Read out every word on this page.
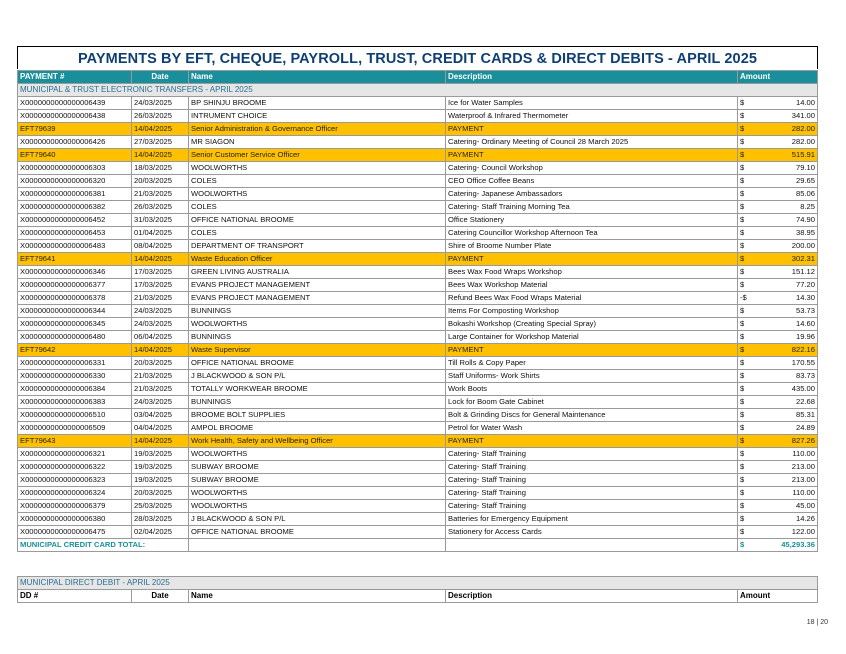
PAYMENTS BY EFT, CHEQUE, PAYROLL, TRUST, CREDIT CARDS & DIRECT DEBITS - APRIL 2025
PAYMENT #	Date	Name	Description	Amount
MUNICIPAL & TRUST ELECTRONIC TRANSFERS - APRIL 2025				
X0000000000000006439	24/03/2025	BP SHINJU BROOME	Ice for Water Samples	$ 14.00

X0000000000000006438	26/03/2025	INTRUMENT CHOICE	Waterproof & Infrared Thermometer	$ 341.00

EFT79639	14/04/2025	Senior Administration & Governance Officer	PAYMENT	$ 282.00

X0000000000000006426	27/03/2025	MR SIAGON	Catering- Ordinary Meeting of Council 28 March 2025	$ 282.00

EFT79640	14/04/2025	Senior Customer Service Officer	PAYMENT	$ 515.91

X0000000000000006303	18/03/2025	WOOLWORTHS	Catering- Council Workshop	$ 79.10

X0000000000000006320	20/03/2025	COLES	CEO Office Coffee Beans	$ 29.65

X0000000000000006381	21/03/2025	WOOLWORTHS	Catering- Japanese Ambassadors	$ 85.06

X0000000000000006382	26/03/2025	COLES	Catering- Staff Training Morning Tea	$ 8.25

X0000000000000006452	31/03/2025	OFFICE NATIONAL BROOME	Office Stationery	$ 74.90

X0000000000000006453	01/04/2025	COLES	Catering Councillor Workshop Afternoon Tea	$ 38.95

X0000000000000006483	08/04/2025	DEPARTMENT OF TRANSPORT	Shire of Broome Number Plate	$ 200.00

EFT79641	14/04/2025	Waste Education Officer	PAYMENT	$ 302.31

X0000000000000006346	17/03/2025	GREEN LIVING AUSTRALIA	Bees Wax Food Wraps Workshop	$ 151.12

X0000000000000006377	17/03/2025	EVANS PROJECT MANAGEMENT	Bees Wax Workshop Material	$ 77.20

X0000000000000006378	21/03/2025	EVANS PROJECT MANAGEMENT	Refund Bees Wax Food Wraps Material	-$ 14.30

X0000000000000006344	24/03/2025	BUNNINGS	Items For Composting Workshop	$ 53.73

X0000000000000006345	24/03/2025	WOOLWORTHS	Bokashi Workshop (Creating Special Spray)	$ 14.60

X0000000000000006480	06/04/2025	BUNNINGS	Large Container for Workshop Material	$ 19.96

EFT79642	14/04/2025	Waste Supervisor	PAYMENT	$ 822.16

X0000000000000006331	20/03/2025	OFFICE NATIONAL BROOME	Till Rolls & Copy Paper	$ 170.55

X0000000000000006330	21/03/2025	J BLACKWOOD & SON P/L	Staff Uniforms- Work Shirts	$ 83.73

X0000000000000006384	21/03/2025	TOTALLY WORKWEAR BROOME	Work Boots	$ 435.00

X0000000000000006383	24/03/2025	BUNNINGS	Lock for Boom Gate Cabinet	$ 22.68

X0000000000000006510	03/04/2025	BROOME BOLT SUPPLIES	Bolt & Grinding Discs for General Maintenance	$ 85.31

X0000000000000006509	04/04/2025	AMPOL BROOME	Petrol for Water Wash	$ 24.89

EFT79643	14/04/2025	Work Health, Safety and Wellbeing Officer	PAYMENT	$ 827.26

X0000000000000006321	19/03/2025	WOOLWORTHS	Catering- Staff Training	$ 110.00

X0000000000000006322	19/03/2025	SUBWAY BROOME	Catering- Staff Training	$ 213.00

X0000000000000006323	19/03/2025	SUBWAY BROOME	Catering- Staff Training	$ 213.00

X0000000000000006324	20/03/2025	WOOLWORTHS	Catering- Staff Training	$ 110.00

X0000000000000006379	25/03/2025	WOOLWORTHS	Catering- Staff Training	$ 45.00

X0000000000000006380	28/03/2025	J BLACKWOOD & SON P/L	Batteries for Emergency Equipment	$ 14.26

X0000000000000006475	02/04/2025	OFFICE NATIONAL BROOME	Stationery for Access Cards	$ 122.00

MUNICIPAL CREDIT CARD TOTAL:				$ 45,293.36
MUNICIPAL DIRECT DEBIT - APRIL 2025
DD #	Date	Name	Description	Amount
18 | 20
